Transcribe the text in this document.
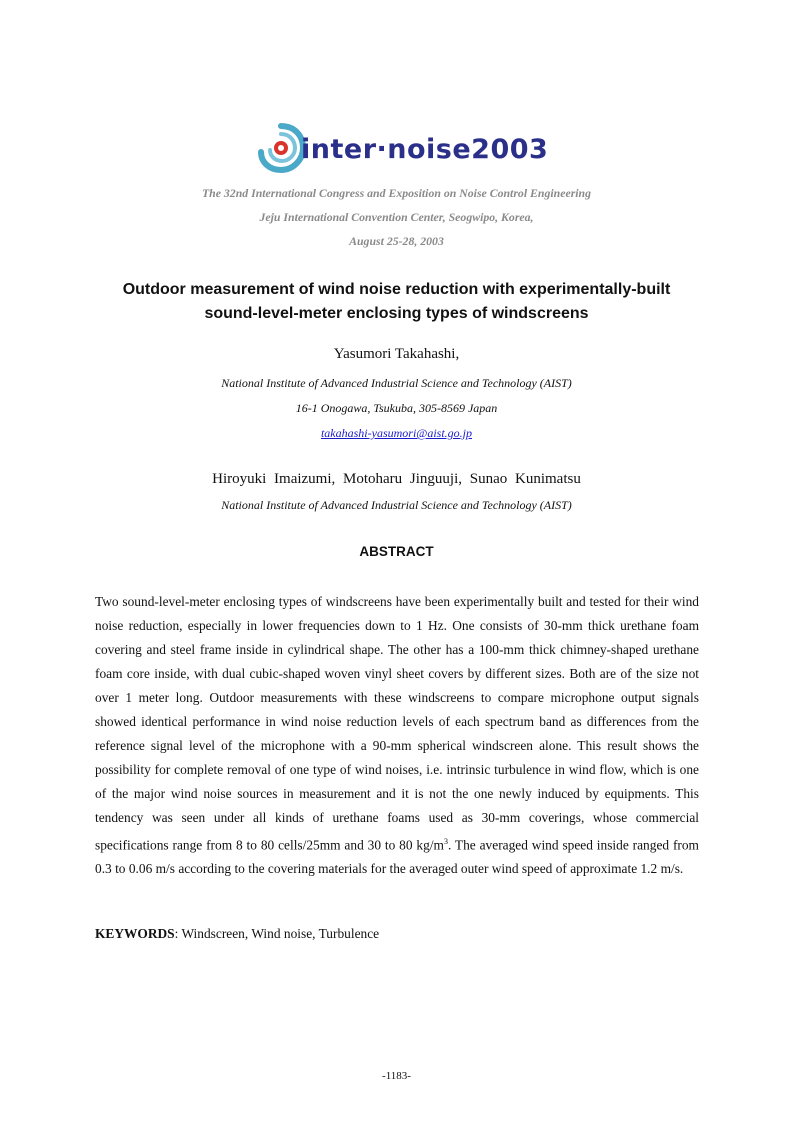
inter·noise2003
The 32nd International Congress and Exposition on Noise Control Engineering
Jeju International Convention Center, Seogwipo, Korea,
August 25-28, 2003
Outdoor measurement of wind noise reduction with experimentally-built
sound-level-meter enclosing types of windscreens
Yasumori Takahashi,
National Institute of Advanced Industrial Science and Technology (AIST)
16-1 Onogawa, Tsukuba, 305-8569 Japan
takahashi-yasumori@aist.go.jp
Hiroyuki Imaizumi, Motoharu Jinguuji, Sunao Kunimatsu
National Institute of Advanced Industrial Science and Technology (AIST)
ABSTRACT
Two sound-level-meter enclosing types of windscreens have been experimentally built and tested for their wind noise reduction, especially in lower frequencies down to 1 Hz. One consists of 30-mm thick urethane foam covering and steel frame inside in cylindrical shape. The other has a 100-mm thick chimney-shaped urethane foam core inside, with dual cubic-shaped woven vinyl sheet covers by different sizes. Both are of the size not over 1 meter long. Outdoor measurements with these windscreens to compare microphone output signals showed identical performance in wind noise reduction levels of each spectrum band as differences from the reference signal level of the microphone with a 90-mm spherical windscreen alone. This result shows the possibility for complete removal of one type of wind noises, i.e. intrinsic turbulence in wind flow, which is one of the major wind noise sources in measurement and it is not the one newly induced by equipments. This tendency was seen under all kinds of urethane foams used as 30-mm coverings, whose commercial specifications range from 8 to 80 cells/25mm and 30 to 80 $kg/m^3$. The averaged wind speed inside ranged from 0.3 to 0.06 m/s according to the covering materials for the averaged outer wind speed of approximate 1.2 m/s.
KEYWORDS: Windscreen, Wind noise, Turbulence
-1183-
